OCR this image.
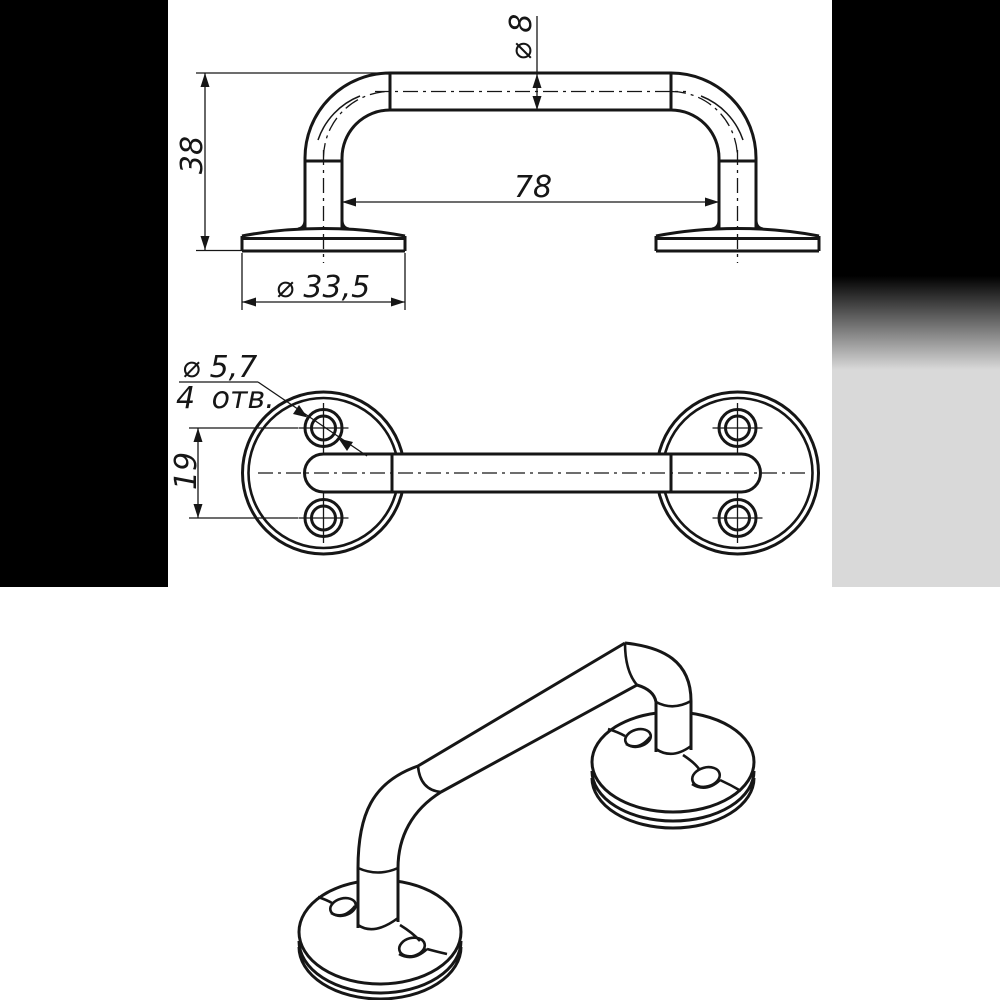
⌀ 8
38
78
⌀ 33,5
19
⌀ 5,7
4 отв.
